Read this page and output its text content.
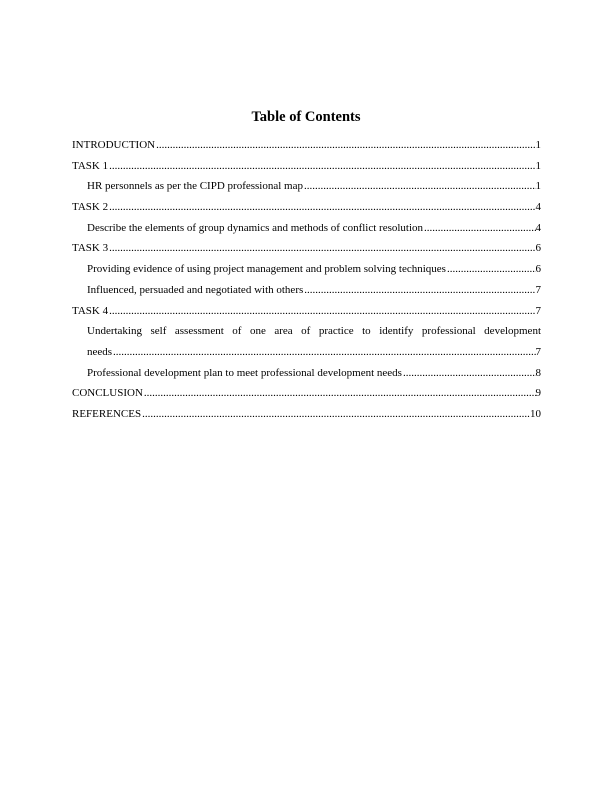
Table of Contents
INTRODUCTION .....	1
TASK 1 .....	1
HR personnels as per the CIPD professional map .....	1
TASK 2 .....	4
Describe the elements of group dynamics and methods of conflict resolution .....	4
TASK 3 .....	6
Providing evidence of using project management and problem solving techniques .....	6
Influenced, persuaded and negotiated with others .....	7
TASK 4 .....	7
Undertaking self assessment of one area of practice to identify professional development
needs .....	7
Professional development plan to meet professional development needs .....	8
CONCLUSION .....	9
REFERENCES .....	10
